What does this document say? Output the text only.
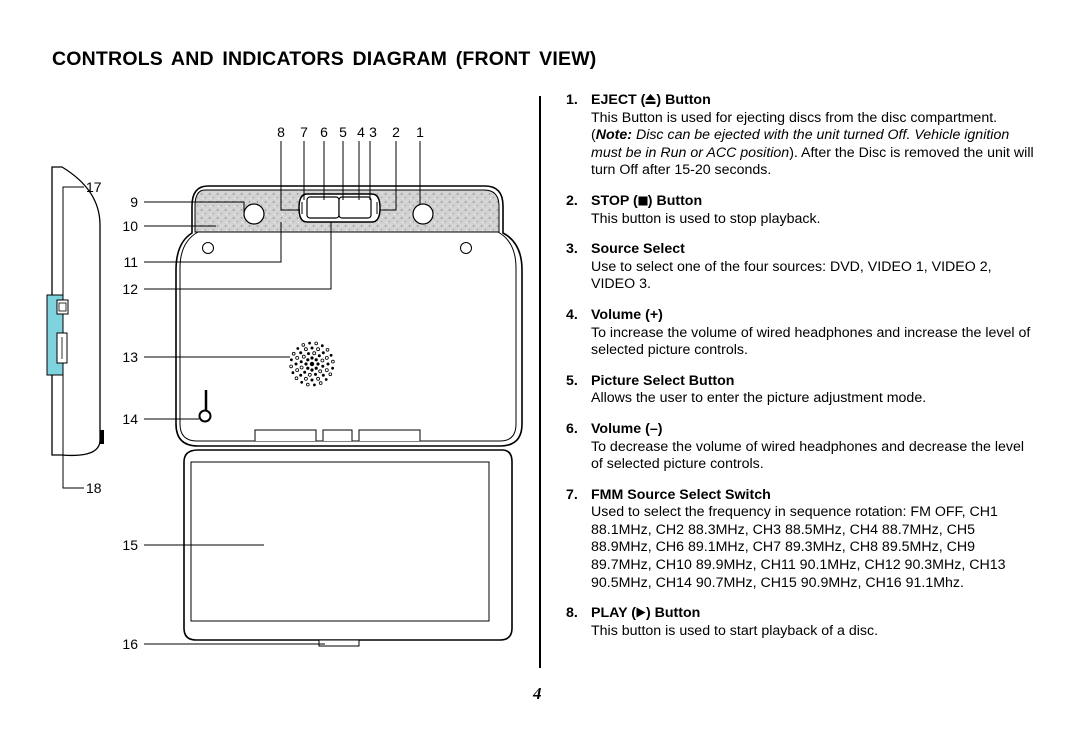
CONTROLS AND INDICATORS DIAGRAM (FRONT VIEW)
8 7 6 5 4 3 2 1
9
10
11
12
13
14
15
16
17
18
1. EJECT ( ) Button
This Button is used for ejecting discs from the disc compartment. (Note: Disc can be ejected with the unit turned Off. Vehicle ignition must be in Run or ACC position). After the Disc is removed the unit will turn Off after 15-20 seconds.
2. STOP ( ) Button
This button is used to stop playback.
3. Source Select
Use to select one of the four sources: DVD, VIDEO 1, VIDEO 2, VIDEO 3.
4. Volume (+)
To increase the volume of wired headphones and increase the level of selected picture controls.
5. Picture Select Button
Allows the user to enter the picture adjustment mode.
6. Volume (–)
To decrease the volume of wired headphones and decrease the level of selected picture controls.
7. FMM Source Select Switch
Used to select the frequency in sequence rotation: FM OFF, CH1 88.1MHz, CH2 88.3MHz, CH3 88.5MHz, CH4 88.7MHz, CH5 88.9MHz, CH6 89.1MHz, CH7 89.3MHz, CH8 89.5MHz, CH9 89.7MHz, CH10 89.9MHz, CH11 90.1MHz, CH12 90.3MHz, CH13 90.5MHz, CH14 90.7MHz, CH15 90.9MHz, CH16 91.1Mhz.
8. PLAY ( ) Button
This button is used to start playback of a disc.
4
